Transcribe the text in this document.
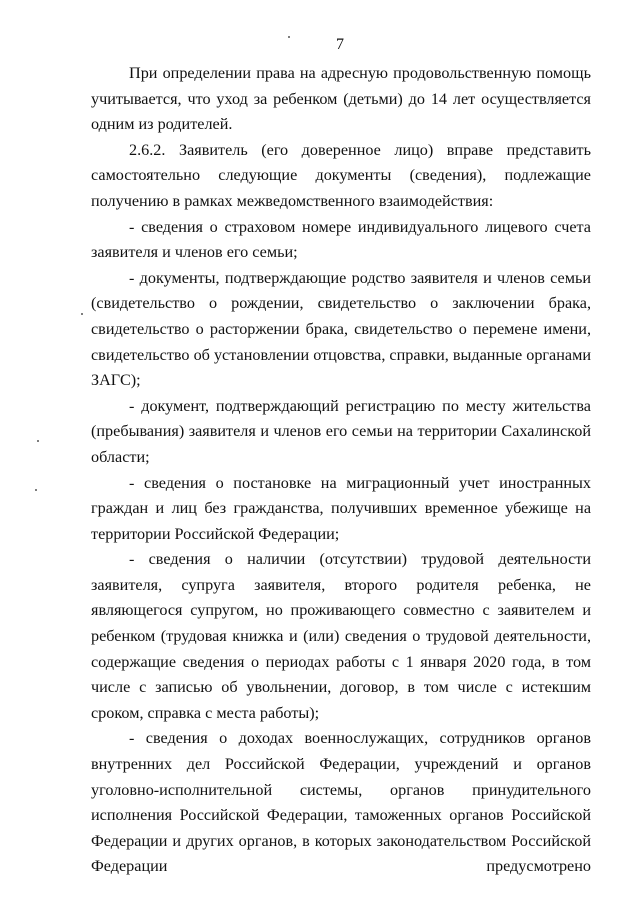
7

При определении права на адресную продовольственную помощь учитывается, что уход за ребенком (детьми) до 14 лет осуществляется одним из родителей.

2.6.2. Заявитель (его доверенное лицо) вправе представить самостоятельно следующие документы (сведения), подлежащие получению в рамках межведомственного взаимодействия:

- сведения о страховом номере индивидуального лицевого счета заявителя и членов его семьи;

- документы, подтверждающие родство заявителя и членов семьи (свидетельство о рождении, свидетельство о заключении брака, свидетельство о расторжении брака, свидетельство о перемене имени, свидетельство об установлении отцовства, справки, выданные органами ЗАГС);

- документ, подтверждающий регистрацию по месту жительства (пребывания) заявителя и членов его семьи на территории Сахалинской области;

- сведения о постановке на миграционный учет иностранных граждан и лиц без гражданства, получивших временное убежище на территории Российской Федерации;

- сведения о наличии (отсутствии) трудовой деятельности заявителя, супруга заявителя, второго родителя ребенка, не являющегося супругом, но проживающего совместно с заявителем и ребенком (трудовая книжка и (или) сведения о трудовой деятельности, содержащие сведения о периодах работы с 1 января 2020 года, в том числе с записью об увольнении, договор, в том числе с истекшим сроком, справка с места работы);

- сведения о доходах военнослужащих, сотрудников органов внутренних дел Российской Федерации, учреждений и органов уголовно-исполнительной системы, органов принудительного исполнения Российской Федерации, таможенных органов Российской Федерации и других органов, в которых законодательством Российской Федерации предусмотрено
